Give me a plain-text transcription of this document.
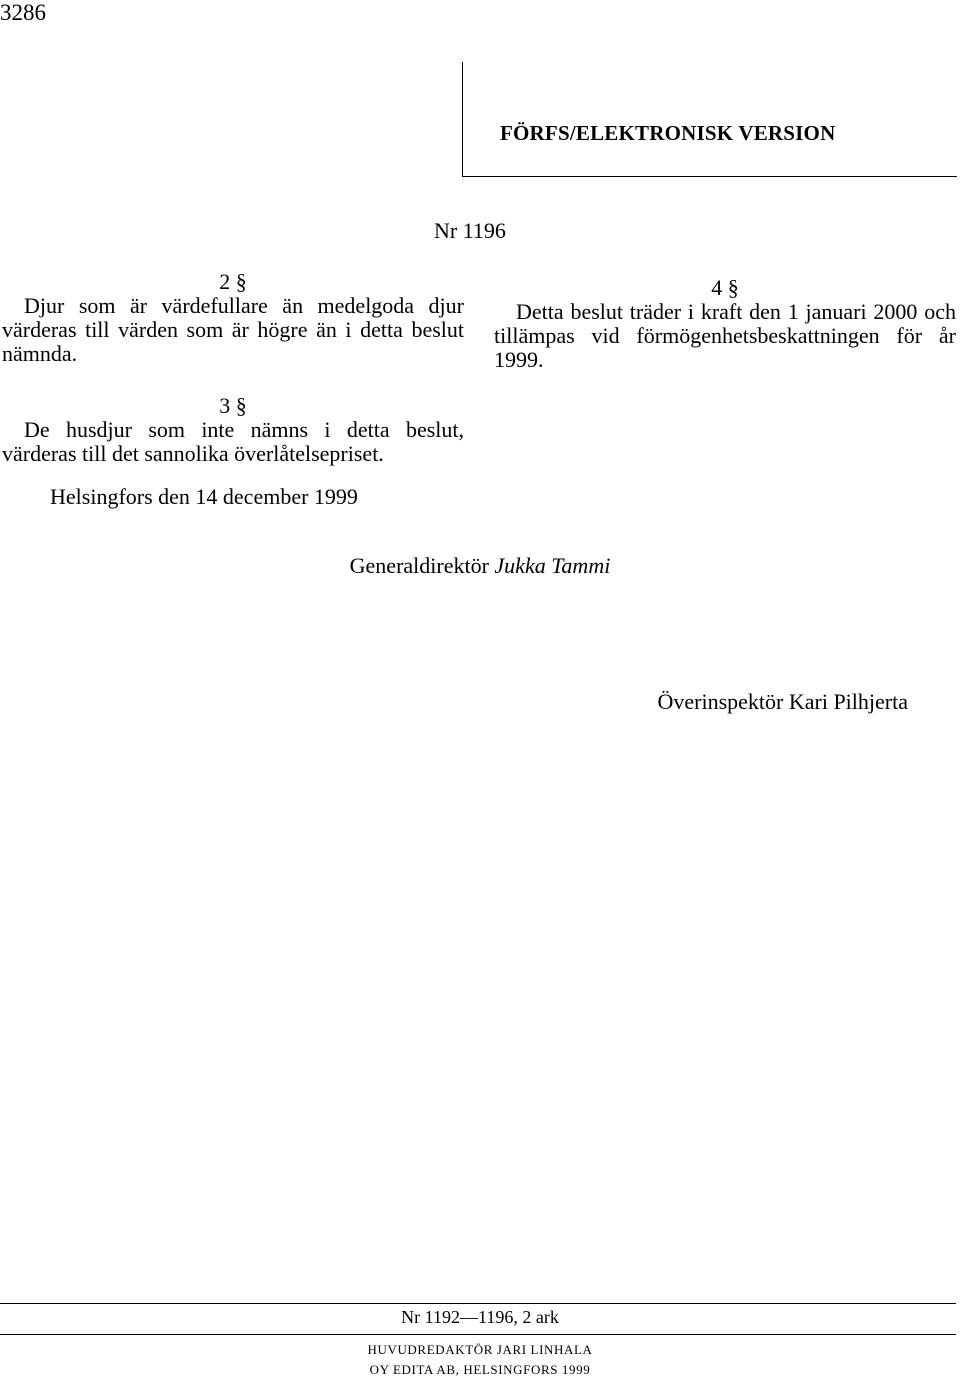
3286
FÖRFS/ELEKTRONISK VERSION
Nr 1196
2 §

Djur som är värdefullare än medelgoda djur värderas till värden som är högre än i detta beslut nämnda.

3 §

De husdjur som inte nämns i detta beslut, värderas till det sannolika överlåtelsepriset.

4 §

Detta beslut träder i kraft den 1 januari 2000 och tillämpas vid förmögenhetsbeskattningen för år 1999.

Helsingfors den 14 december 1999
Generaldirektör Jukka Tammi
Överinspektör Kari Pilhjerta
Nr 1192—1196, 2 ark
HUVUDREDAKTÖR JARI LINHALA
OY EDITA AB, HELSINGFORS 1999
